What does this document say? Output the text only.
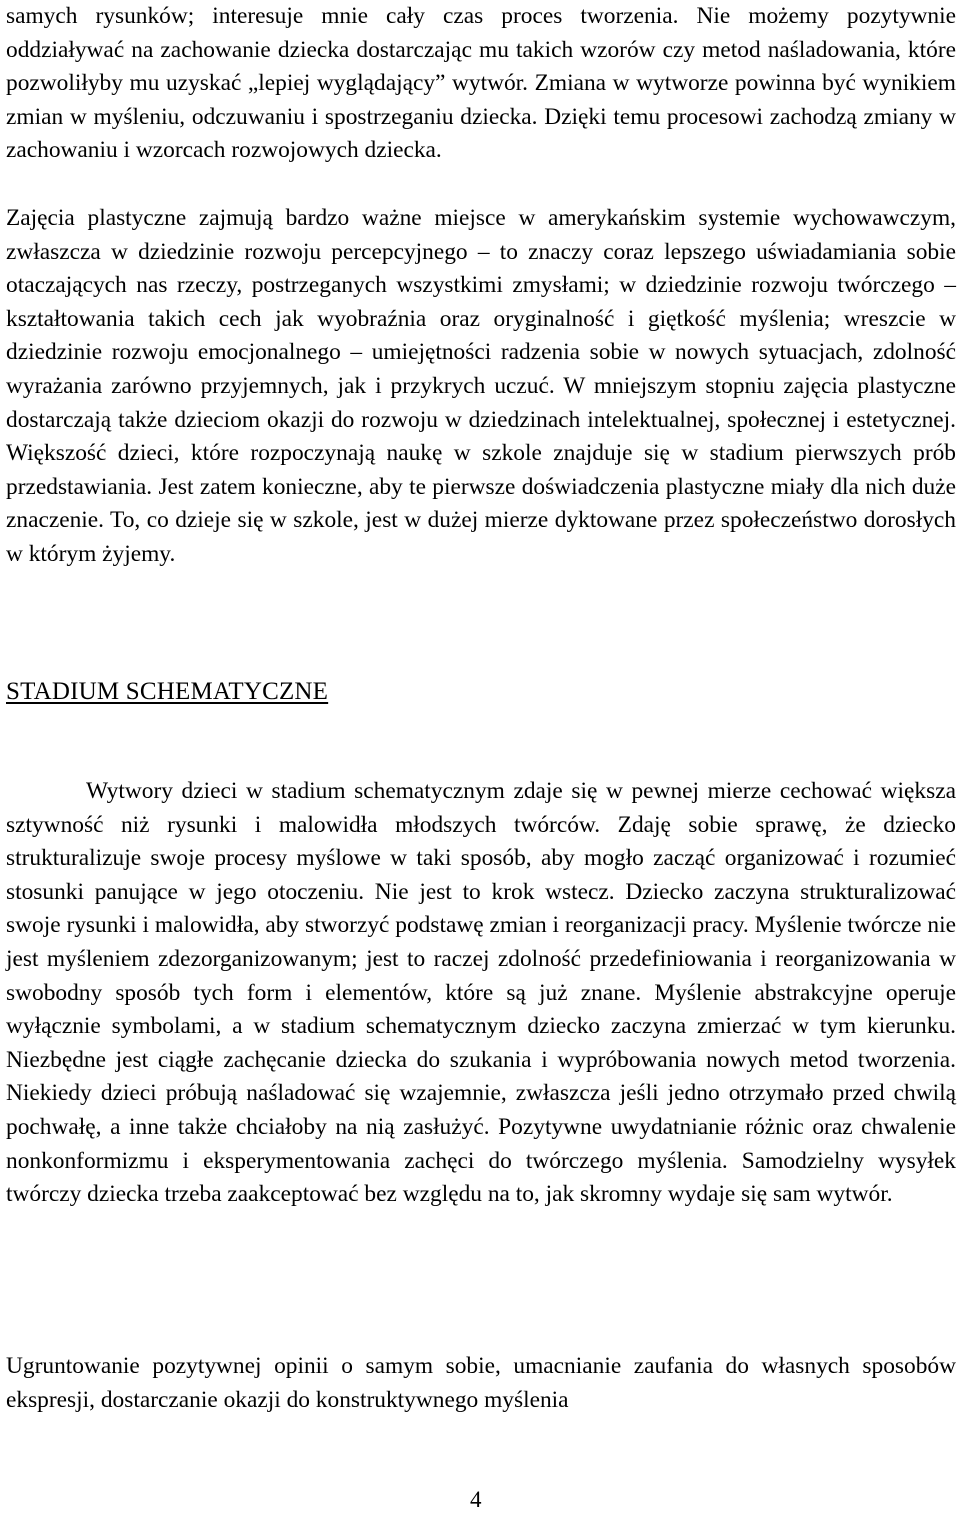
samych rysunków; interesuje mnie cały czas proces tworzenia. Nie możemy pozytywnie oddziaływać na zachowanie dziecka dostarczając mu takich wzorów czy metod naśladowania, które pozwoliłyby mu uzyskać „lepiej wyglądający” wytwór. Zmiana w wytworze powinna być wynikiem zmian w myśleniu, odczuwaniu i spostrzeganiu dziecka. Dzięki temu procesowi zachodzą zmiany w zachowaniu i wzorcach rozwojowych dziecka.

Zajęcia plastyczne zajmują bardzo ważne miejsce w amerykańskim systemie wychowawczym, zwłaszcza w dziedzinie rozwoju percepcyjnego – to znaczy coraz lepszego uświadamiania sobie otaczających nas rzeczy, postrzeganych wszystkimi zmysłami; w dziedzinie rozwoju twórczego – kształtowania takich cech jak wyobraźnia oraz oryginalność i giętkość myślenia; wreszcie w dziedzinie rozwoju emocjonalnego – umiejętności radzenia sobie w nowych sytuacjach, zdolność wyrażania zarówno przyjemnych, jak i przykrych uczuć. W mniejszym stopniu zajęcia plastyczne dostarczają także dzieciom okazji do rozwoju w dziedzinach intelektualnej, społecznej i estetycznej. Większość dzieci, które rozpoczynają naukę w szkole znajduje się w stadium pierwszych prób przedstawiania. Jest zatem konieczne, aby te pierwsze doświadczenia plastyczne miały dla nich duże znaczenie. To, co dzieje się w szkole, jest w dużej mierze dyktowane przez społeczeństwo dorosłych w którym żyjemy.

STADIUM SCHEMATYCZNE

Wytwory dzieci w stadium schematycznym zdaje się w pewnej mierze cechować większa sztywność niż rysunki i malowidła młodszych twórców. Zdaję sobie sprawę, że dziecko strukturalizuje swoje procesy myślowe w taki sposób, aby mogło zacząć organizować i rozumieć stosunki panujące w jego otoczeniu. Nie jest to krok wstecz. Dziecko zaczyna strukturalizować swoje rysunki i malowidła, aby stworzyć podstawę zmian i reorganizacji pracy. Myślenie twórcze nie jest myśleniem zdezorganizowanym; jest to raczej zdolność przedefiniowania i reorganizowania w swobodny sposób tych form i elementów, które są już znane. Myślenie abstrakcyjne operuje wyłącznie symbolami, a w stadium schematycznym dziecko zaczyna zmierzać w tym kierunku. Niezbędne jest ciągłe zachęcanie dziecka do szukania i wypróbowania nowych metod tworzenia. Niekiedy dzieci próbują naśladować się wzajemnie, zwłaszcza jeśli jedno otrzymało przed chwilą pochwałę, a inne także chciałoby na nią zasłużyć. Pozytywne uwydatnianie różnic oraz chwalenie nonkonformizmu i eksperymentowania zachęci do twórczego myślenia. Samodzielny wysyłek twórczy dziecka trzeba zaakceptować bez względu na to, jak skromny wydaje się sam wytwór.

Ugruntowanie pozytywnej opinii o samym sobie, umacnianie zaufania do własnych sposobów ekspresji, dostarczanie okazji do konstruktywnego myślenia

4
